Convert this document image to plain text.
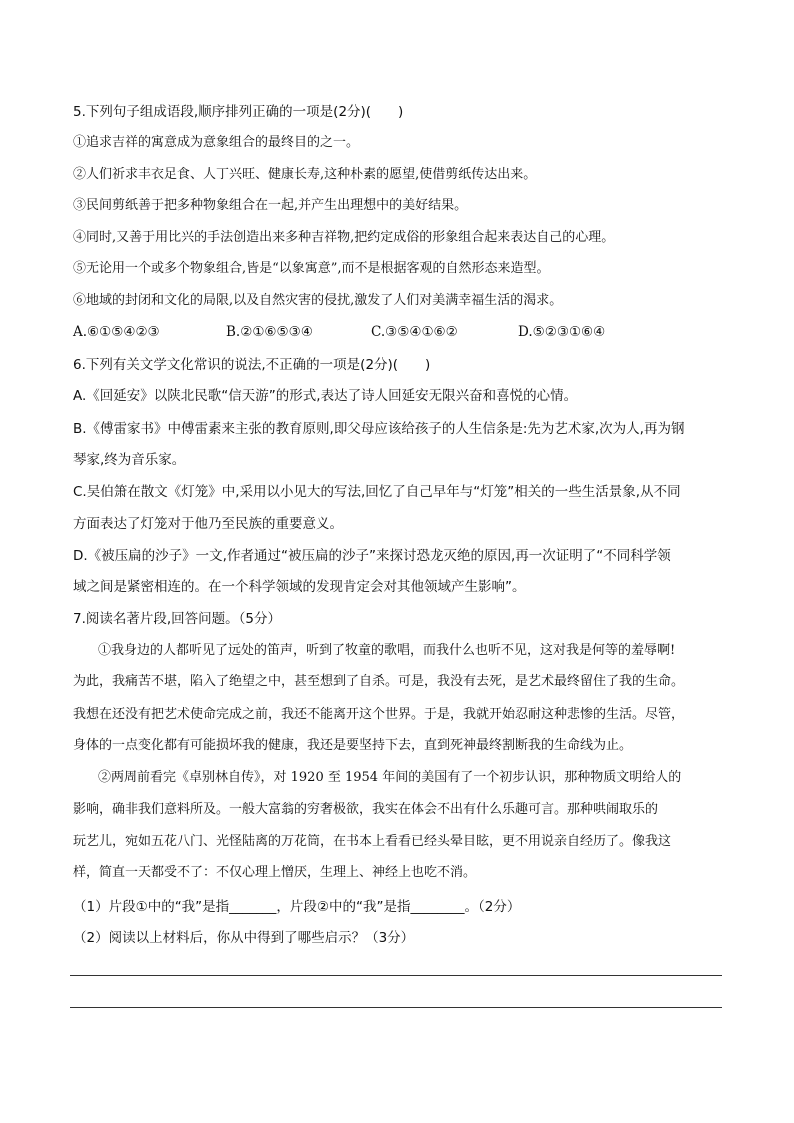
5.下列句子组成语段,顺序排列正确的一项是(2分)(　　)
①追求吉祥的寓意成为意象组合的最终目的之一。
②人们祈求丰衣足食、人丁兴旺、健康长寿,这种朴素的愿望,使借剪纸传达出来。
③民间剪纸善于把多种物象组合在一起,并产生出理想中的美好结果。
④同时,又善于用比兴的手法创造出来多种吉祥物,把约定成俗的形象组合起来表达自己的心理。
⑤无论用一个或多个物象组合,皆是“以象寓意”,而不是根据客观的自然形态来造型。
⑥地域的封闭和文化的局限,以及自然灾害的侵扰,激发了人们对美满幸福生活的渴求。
A.⑥①⑤④②③	B.②①⑥⑤③④	C.③⑤④①⑥②	D.⑤②③①⑥④
6.下列有关文学文化常识的说法,不正确的一项是(2分)(　　)
A.《回延安》以陕北民歌“信天游”的形式,表达了诗人回延安无限兴奋和喜悦的心情。
B.《傅雷家书》中傅雷素来主张的教育原则,即父母应该给孩子的人生信条是:先为艺术家,次为人,再为钢
琴家,终为音乐家。
C.吴伯箫在散文《灯笼》中,采用以小见大的写法,回忆了自己早年与“灯笼”相关的一些生活景象,从不同
方面表达了灯笼对于他乃至民族的重要意义。
D.《被压扁的沙子》一文,作者通过“被压扁的沙子”来探讨恐龙灭绝的原因,再一次证明了“不同科学领
域之间是紧密相连的。在一个科学领域的发现肯定会对其他领域产生影响”。
7.阅读名著片段,回答问题。（5分）
①我身边的人都听见了远处的笛声，听到了牧童的歌唱，而我什么也听不见，这对我是何等的羞辱啊!
为此，我痛苦不堪，陷入了绝望之中，甚至想到了自杀。可是，我没有去死，是艺术最终留住了我的生命。
我想在还没有把艺术使命完成之前，我还不能离开这个世界。于是，我就开始忍耐这种悲惨的生活。尽管，
身体的一点变化都有可能损坏我的健康，我还是要坚持下去，直到死神最终割断我的生命线为止。
②两周前看完《卓别林自传》，对 1920 至 1954 年间的美国有了一个初步认识，那种物质文明给人的
影响，确非我们意料所及。一般大富翁的穷奢极欲，我实在体会不出有什么乐趣可言。那种哄闹取乐的
玩艺儿，宛如五花八门、光怪陆离的万花筒，在书本上看看已经头晕目眩，更不用说亲自经历了。像我这
样，简直一天都受不了：不仅心理上憎厌，生理上、神经上也吃不消。
（1）片段①中的“我”是指_______，片段②中的“我”是指________。（2分）
（2）阅读以上材料后，你从中得到了哪些启示？（3分）
